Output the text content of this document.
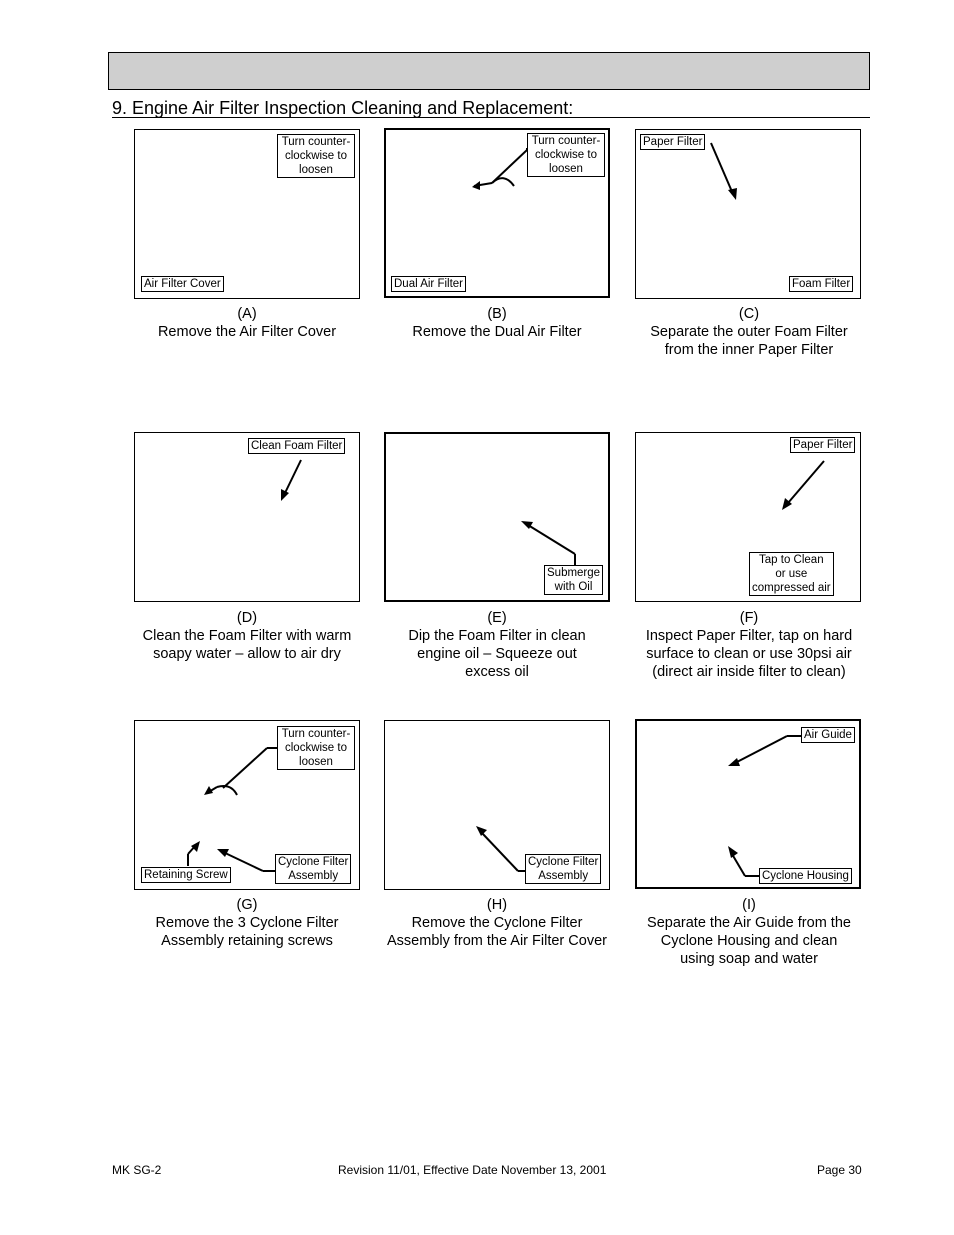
9. Engine Air Filter Inspection Cleaning and Replacement:
Turn counter-
clockwise to
loosen
Air Filter Cover
(A)
Remove the Air Filter Cover
Turn counter-
clockwise to
loosen
Dual Air Filter
(B)
Remove the Dual Air Filter
Paper Filter
Foam Filter
(C)
Separate the outer Foam Filter
from the inner Paper Filter
Clean Foam Filter
(D)
Clean the Foam Filter with warm
soapy water – allow to air dry
Submerge
with Oil
(E)
Dip the Foam Filter in clean
engine oil – Squeeze out
excess oil
Paper Filter
Tap to Clean
or use
compressed air
(F)
Inspect Paper Filter, tap on hard
surface to clean or use 30psi air
(direct air inside filter to clean)
Turn counter-
clockwise to
loosen
Retaining Screw
Cyclone Filter
Assembly
(G)
Remove the 3 Cyclone Filter
Assembly retaining screws
Cyclone Filter
Assembly
(H)
Remove the Cyclone Filter
Assembly from the Air Filter Cover
Air Guide
Cyclone Housing
(I)
Separate the Air Guide from the
Cyclone Housing and clean
using soap and water
MK SG-2	Revision 11/01, Effective Date November 13, 2001	Page 30
